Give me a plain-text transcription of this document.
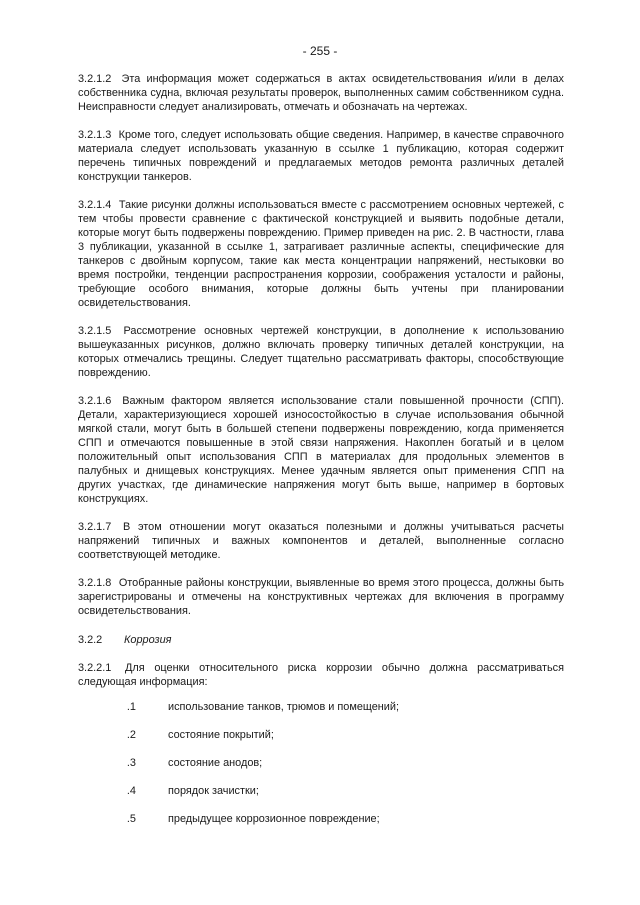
- 255 -

3.2.1.2 Эта информация может содержаться в актах освидетельствования и/или в делах собственника судна, включая результаты проверок, выполненных самим собственником судна. Неисправности следует анализировать, отмечать и обозначать на чертежах.

3.2.1.3 Кроме того, следует использовать общие сведения. Например, в качестве справочного материала следует использовать указанную в ссылке 1 публикацию, которая содержит перечень типичных повреждений и предлагаемых методов ремонта различных деталей конструкции танкеров.

3.2.1.4 Такие рисунки должны использоваться вместе с рассмотрением основных чертежей, с тем чтобы провести сравнение с фактической конструкцией и выявить подобные детали, которые могут быть подвержены повреждению. Пример приведен на рис. 2. В частности, глава 3 публикации, указанной в ссылке 1, затрагивает различные аспекты, специфические для танкеров с двойным корпусом, такие как места концентрации напряжений, нестыковки во время постройки, тенденции распространения коррозии, соображения усталости и районы, требующие особого внимания, которые должны быть учтены при планировании освидетельствования.

3.2.1.5 Рассмотрение основных чертежей конструкции, в дополнение к использованию вышеуказанных рисунков, должно включать проверку типичных деталей конструкции, на которых отмечались трещины. Следует тщательно рассматривать факторы, способствующие повреждению.

3.2.1.6 Важным фактором является использование стали повышенной прочности (СПП). Детали, характеризующиеся хорошей износостойкостью в случае использования обычной мягкой стали, могут быть в большей степени подвержены повреждению, когда применяется СПП и отмечаются повышенные в этой связи напряжения. Накоплен богатый и в целом положительный опыт использования СПП в материалах для продольных элементов в палубных и днищевых конструкциях. Менее удачным является опыт применения СПП на других участках, где динамические напряжения могут быть выше, например в бортовых конструкциях.

3.2.1.7 В этом отношении могут оказаться полезными и должны учитываться расчеты напряжений типичных и важных компонентов и деталей, выполненные согласно соответствующей методике.

3.2.1.8 Отобранные районы конструкции, выявленные во время этого процесса, должны быть зарегистрированы и отмечены на конструктивных чертежах для включения в программу освидетельствования.

3.2.2 Коррозия

3.2.2.1 Для оценки относительного риска коррозии обычно должна рассматриваться следующая информация:

.1	использование танков, трюмов и помещений;
.2	состояние покрытий;
.3	состояние анодов;
.4	порядок зачистки;
.5	предыдущее коррозионное повреждение;
